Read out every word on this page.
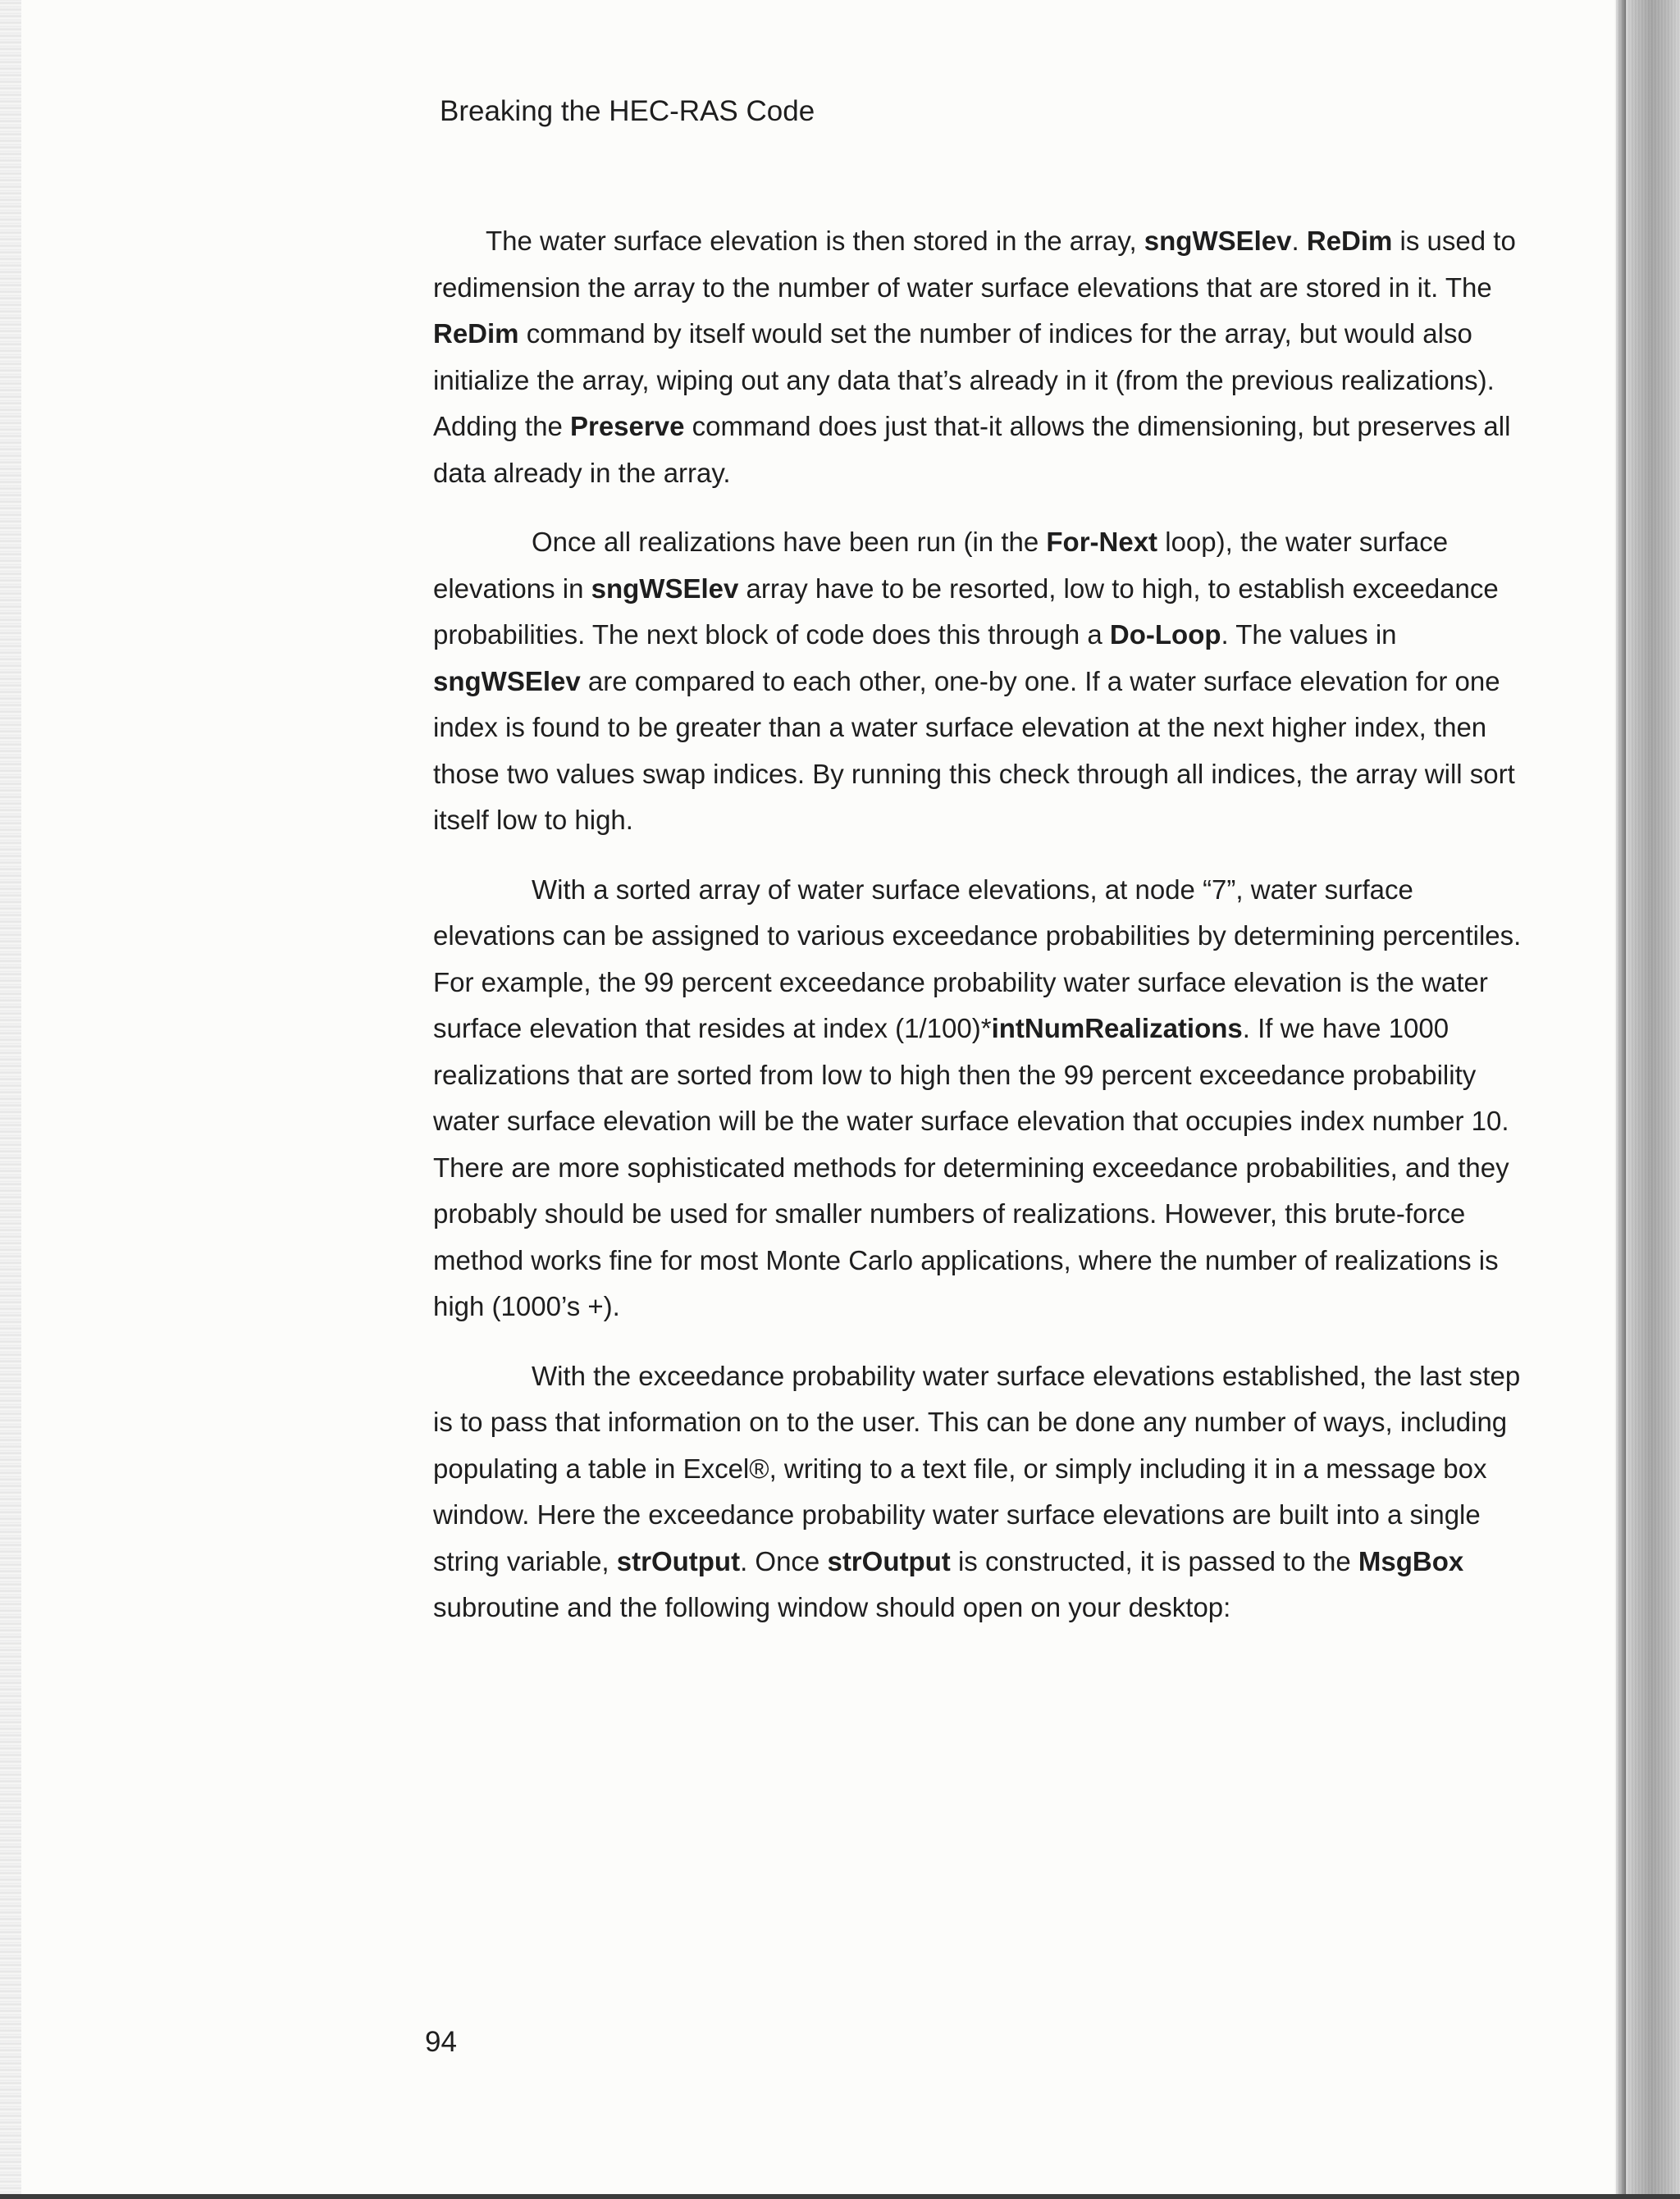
Breaking the HEC-RAS Code

The water surface elevation is then stored in the array, sngWSElev. ReDim is used to redimension the array to the number of water surface elevations that are stored in it. The ReDim command by itself would set the number of indices for the array, but would also initialize the array, wiping out any data that’s already in it (from the previous realizations). Adding the Preserve command does just that-it allows the dimensioning, but preserves all data already in the array.

Once all realizations have been run (in the For-Next loop), the water surface elevations in sngWSElev array have to be resorted, low to high, to establish exceedance probabilities. The next block of code does this through a Do-Loop. The values in sngWSElev are compared to each other, one-by one. If a water surface elevation for one index is found to be greater than a water surface elevation at the next higher index, then those two values swap indices. By running this check through all indices, the array will sort itself low to high.

With a sorted array of water surface elevations, at node “7”, water surface elevations can be assigned to various exceedance probabilities by determining percentiles. For example, the 99 percent exceedance probability water surface elevation is the water surface elevation that resides at index (1/100)*intNumRealizations. If we have 1000 realizations that are sorted from low to high then the 99 percent exceedance probability water surface elevation will be the water surface elevation that occupies index number 10. There are more sophisticated methods for determining exceedance probabilities, and they probably should be used for smaller numbers of realizations. However, this brute-force method works fine for most Monte Carlo applications, where the number of realizations is high (1000’s +).

With the exceedance probability water surface elevations established, the last step is to pass that information on to the user. This can be done any number of ways, including populating a table in Excel®, writing to a text file, or simply including it in a message box window. Here the exceedance probability water surface elevations are built into a single string variable, strOutput. Once strOutput is constructed, it is passed to the MsgBox subroutine and the following window should open on your desktop:

94
